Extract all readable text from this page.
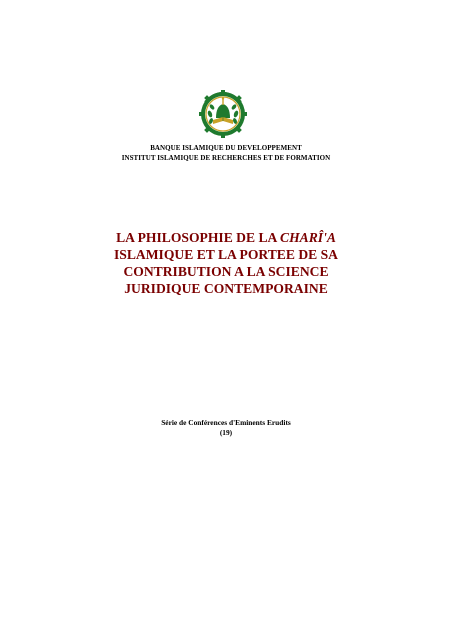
BANQUE ISLAMIQUE DU DEVELOPPEMENT
INSTITUT ISLAMIQUE DE RECHERCHES ET DE FORMATION
LA PHILOSOPHIE DE LA CHARÎ'A
ISLAMIQUE ET LA PORTEE DE SA
CONTRIBUTION A LA SCIENCE
JURIDIQUE CONTEMPORAINE
Série de Conférences d'Eminents Erudits
(19)
